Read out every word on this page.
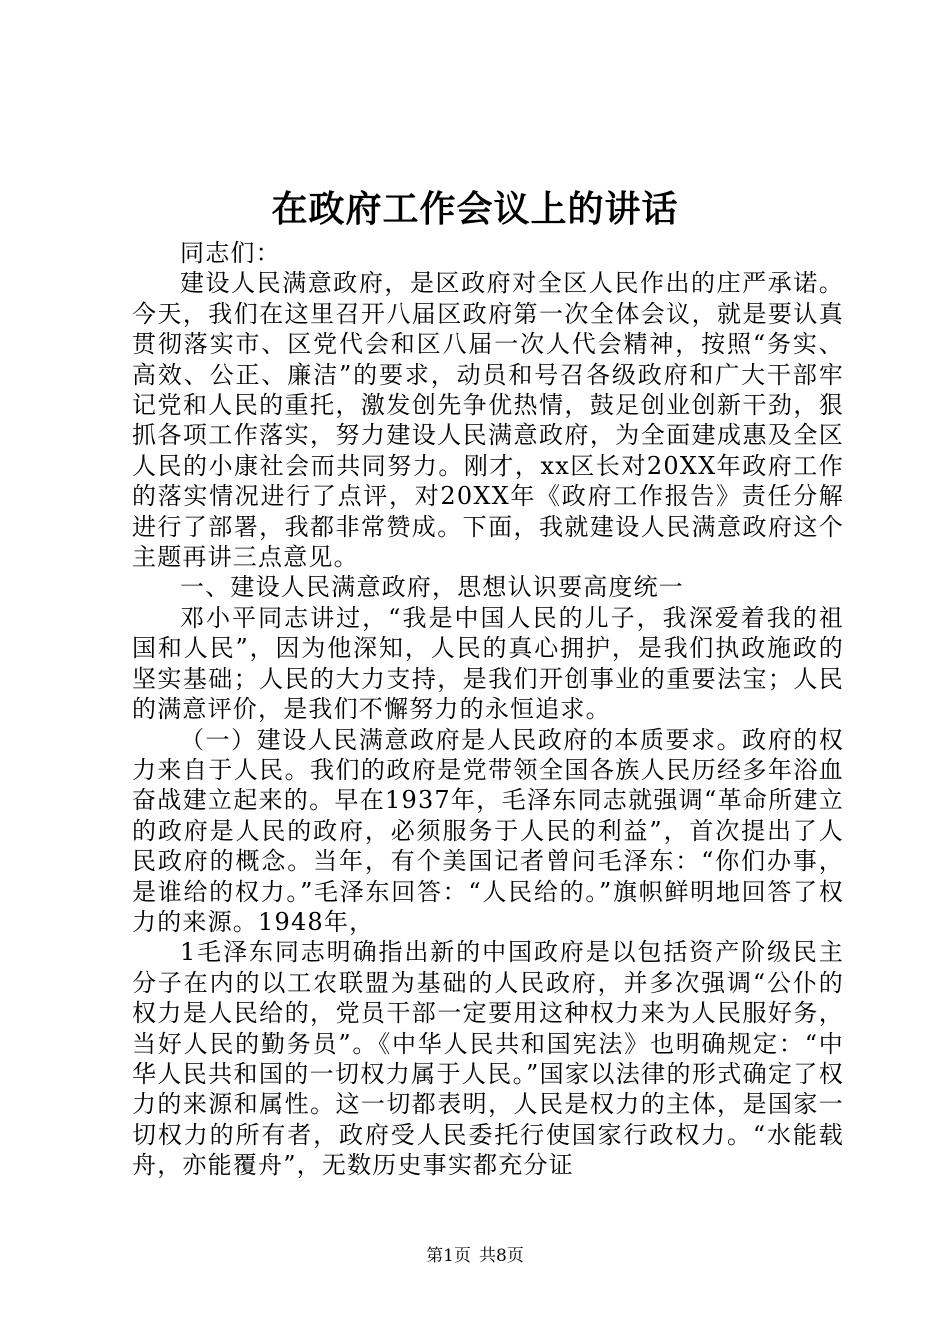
在政府工作会议上的讲话

同志们：

建设人民满意政府，是区政府对全区人民作出的庄严承诺。今天，我们在这里召开八届区政府第一次全体会议，就是要认真贯彻落实市、区党代会和区八届一次人代会精神，按照“务实、高效、公正、廉洁”的要求，动员和号召各级政府和广大干部牢记党和人民的重托，激发创先争优热情，鼓足创业创新干劲，狠抓各项工作落实，努力建设人民满意政府，为全面建成惠及全区人民的小康社会而共同努力。刚才，xx区长对20XX年政府工作的落实情况进行了点评，对20XX年《政府工作报告》责任分解进行了部署，我都非常赞成。下面，我就建设人民满意政府这个主题再讲三点意见。

一、建设人民满意政府，思想认识要高度统一

邓小平同志讲过，“我是中国人民的儿子，我深爱着我的祖国和人民”，因为他深知，人民的真心拥护，是我们执政施政的坚实基础；人民的大力支持，是我们开创事业的重要法宝；人民的满意评价，是我们不懈努力的永恒追求。

（一）建设人民满意政府是人民政府的本质要求。政府的权力来自于人民。我们的政府是党带领全国各族人民历经多年浴血奋战建立起来的。早在1937年，毛泽东同志就强调“革命所建立的政府是人民的政府，必须服务于人民的利益”，首次提出了人民政府的概念。当年，有个美国记者曾问毛泽东：“你们办事，是谁给的权力。”毛泽东回答：“人民给的。”旗帜鲜明地回答了权力的来源。1948年，

1毛泽东同志明确指出新的中国政府是以包括资产阶级民主分子在内的以工农联盟为基础的人民政府，并多次强调“公仆的权力是人民给的，党员干部一定要用这种权力来为人民服好务，当好人民的勤务员”。《中华人民共和国宪法》也明确规定：“中华人民共和国的一切权力属于人民。”国家以法律的形式确定了权力的来源和属性。这一切都表明，人民是权力的主体，是国家一切权力的所有者，政府受人民委托行使国家行政权力。“水能载舟，亦能覆舟”，无数历史事实都充分证

第1页 共8页
